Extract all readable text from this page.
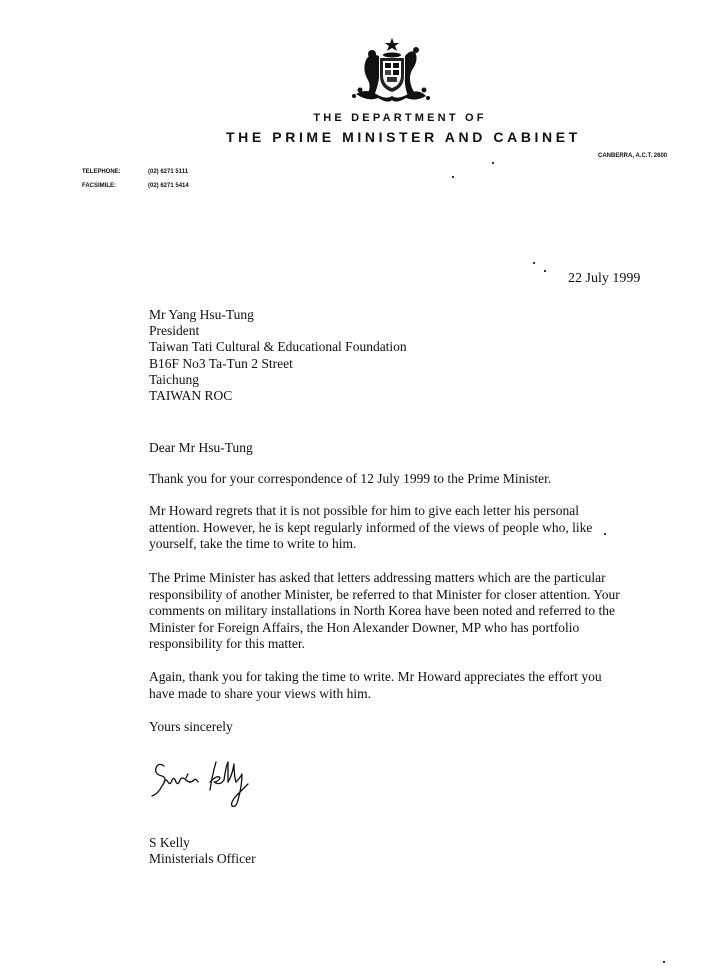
THE DEPARTMENT OF
THE PRIME MINISTER AND CABINET
CANBERRA, A.C.T. 2600
TELEPHONE:	(02) 6271 5111
FACSIMILE:	(02) 6271 5414
22 July 1999
Mr Yang Hsu-Tung
President
Taiwan Tati Cultural & Educational Foundation
B16F No3 Ta-Tun 2 Street
Taichung
TAIWAN ROC
Dear Mr Hsu-Tung
Thank you for your correspondence of 12 July 1999 to the Prime Minister.
Mr Howard regrets that it is not possible for him to give each letter his personal
attention. However, he is kept regularly informed of the views of people who, like
yourself, take the time to write to him.
The Prime Minister has asked that letters addressing matters which are the particular
responsibility of another Minister, be referred to that Minister for closer attention. Your
comments on military installations in North Korea have been noted and referred to the
Minister for Foreign Affairs, the Hon Alexander Downer, MP who has portfolio
responsibility for this matter.
Again, thank you for taking the time to write. Mr Howard appreciates the effort you
have made to share your views with him.
Yours sincerely
S Kelly
Ministerials Officer
